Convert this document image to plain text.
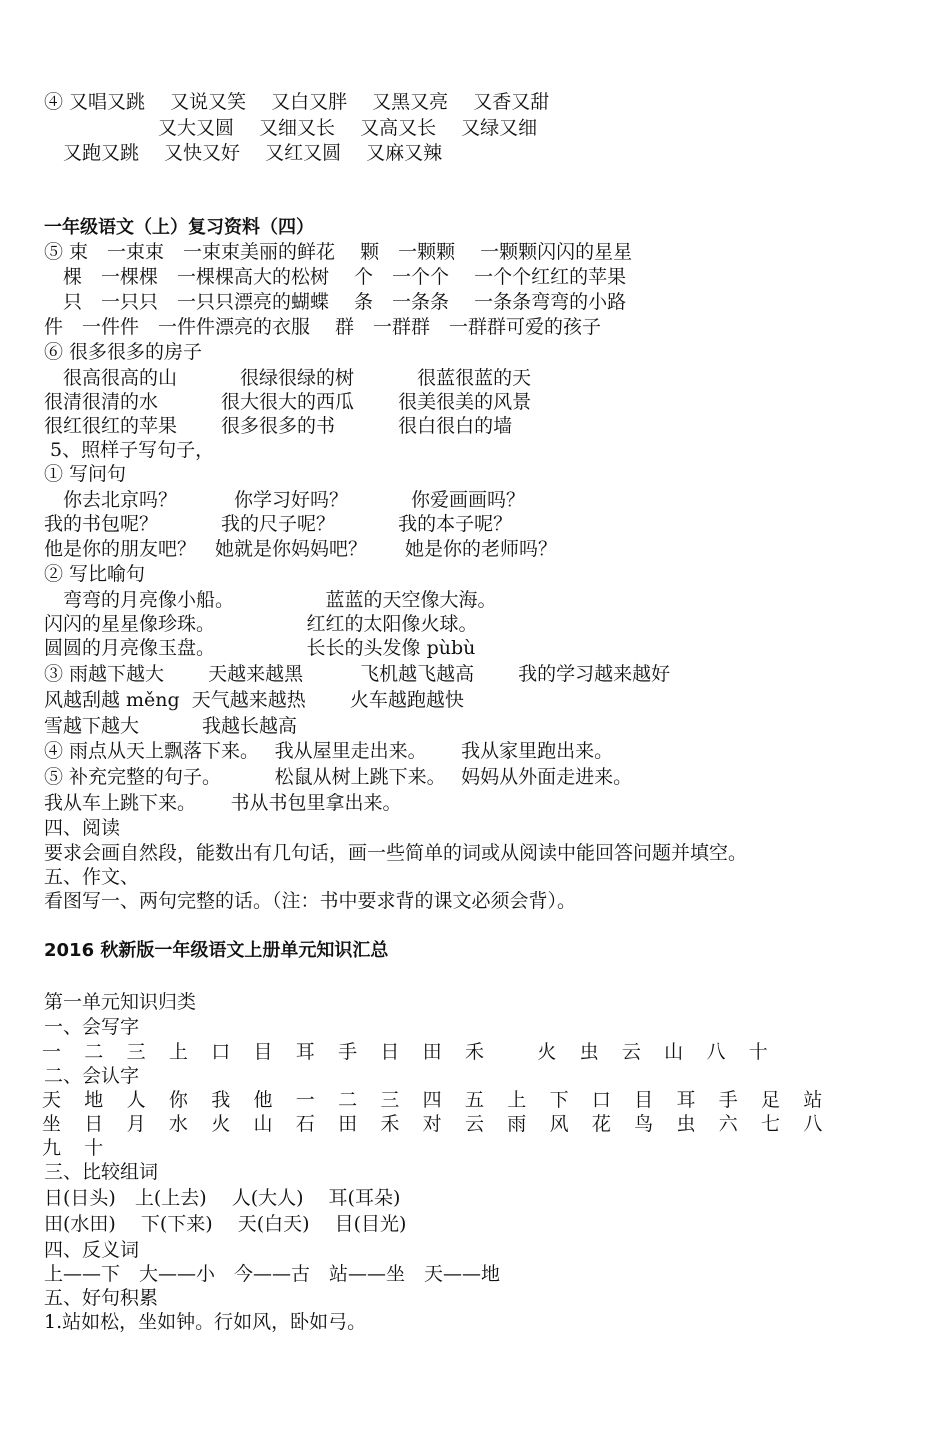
④ 又唱又跳　 又说又笑　 又白又胖　 又黑又亮　 又香又甜
　　　　　　又大又圆　 又细又长　 又高又长　 又绿又细
　又跑又跳　 又快又好　 又红又圆　 又麻又辣
一年级语文（上）复习资料（四）
⑤ 束　一束束　一束束美丽的鲜花　 颗　一颗颗　 一颗颗闪闪的星星
　棵　一棵棵　一棵棵高大的松树　 个　一个个　 一个个红红的苹果
　只　一只只　一只只漂亮的蝴蝶　 条　一条条　 一条条弯弯的小路
件　一件件　一件件漂亮的衣服　 群　一群群　一群群可爱的孩子
⑥ 很多很多的房子
　很高很高的山　　　 很绿很绿的树　　　 很蓝很蓝的天
很清很清的水　　　 很大很大的西瓜　　 很美很美的风景
很红很红的苹果　　 很多很多的书　　　 很白很白的墙
5、照样子写句子，
① 写问句
　你去北京吗？　　　你学习好吗？　　　 你爱画画吗？
我的书包呢？　　　 我的尺子呢？　　　 我的本子呢？
他是你的朋友吧？　她就是你妈妈吧？　　她是你的老师吗？
② 写比喻句
　弯弯的月亮像小船。　　　　　 蓝蓝的天空像大海。
闪闪的星星像珍珠。　　　　　 红红的太阳像火球。
圆圆的月亮像玉盘。　　　　　 长长的头发像 pùbù
③ 雨越下越大　　 天越来越黑　　　飞机越飞越高　　 我的学习越来越好
风越刮越 měng  天气越来越热　　 火车越跑越快
雪越下越大　　　 我越长越高
④ 雨点从天上飘落下来。　 我从屋里走出来。　　 我从家里跑出来。
⑤ 补充完整的句子。　　　 松鼠从树上跳下来。　 妈妈从外面走进来。
我从车上跳下来。　　 书从书包里拿出来。
四、阅读
要求会画自然段，能数出有几句话，画一些简单的词或从阅读中能回答问题并填空。
五、作文、
看图写一、两句完整的话。（注：书中要求背的课文必须会背）。
2016 秋新版一年级语文上册单元知识汇总
第一单元知识归类
一、会写字
一 二 三 上 口 目 耳 手 日 田 禾	火 虫 云 山 八 十
二、会认字
天 地 人 你 我 他 一 二 三 四 五 上 下 口 目 耳 手 足 站
坐 日 月 水 火 山 石 田 禾 对 云 雨 风 花 鸟 虫 六 七 八
九 十
三、比较组词
日(日头)　上(上去)　 人(大人)　 耳(耳朵)
田(水田)　 下(下来)　 天(白天)　 目(目光)
四、反义词
上——下　大——小　今——古　站——坐　天——地
五、好句积累
1.站如松，坐如钟。行如风，卧如弓。
